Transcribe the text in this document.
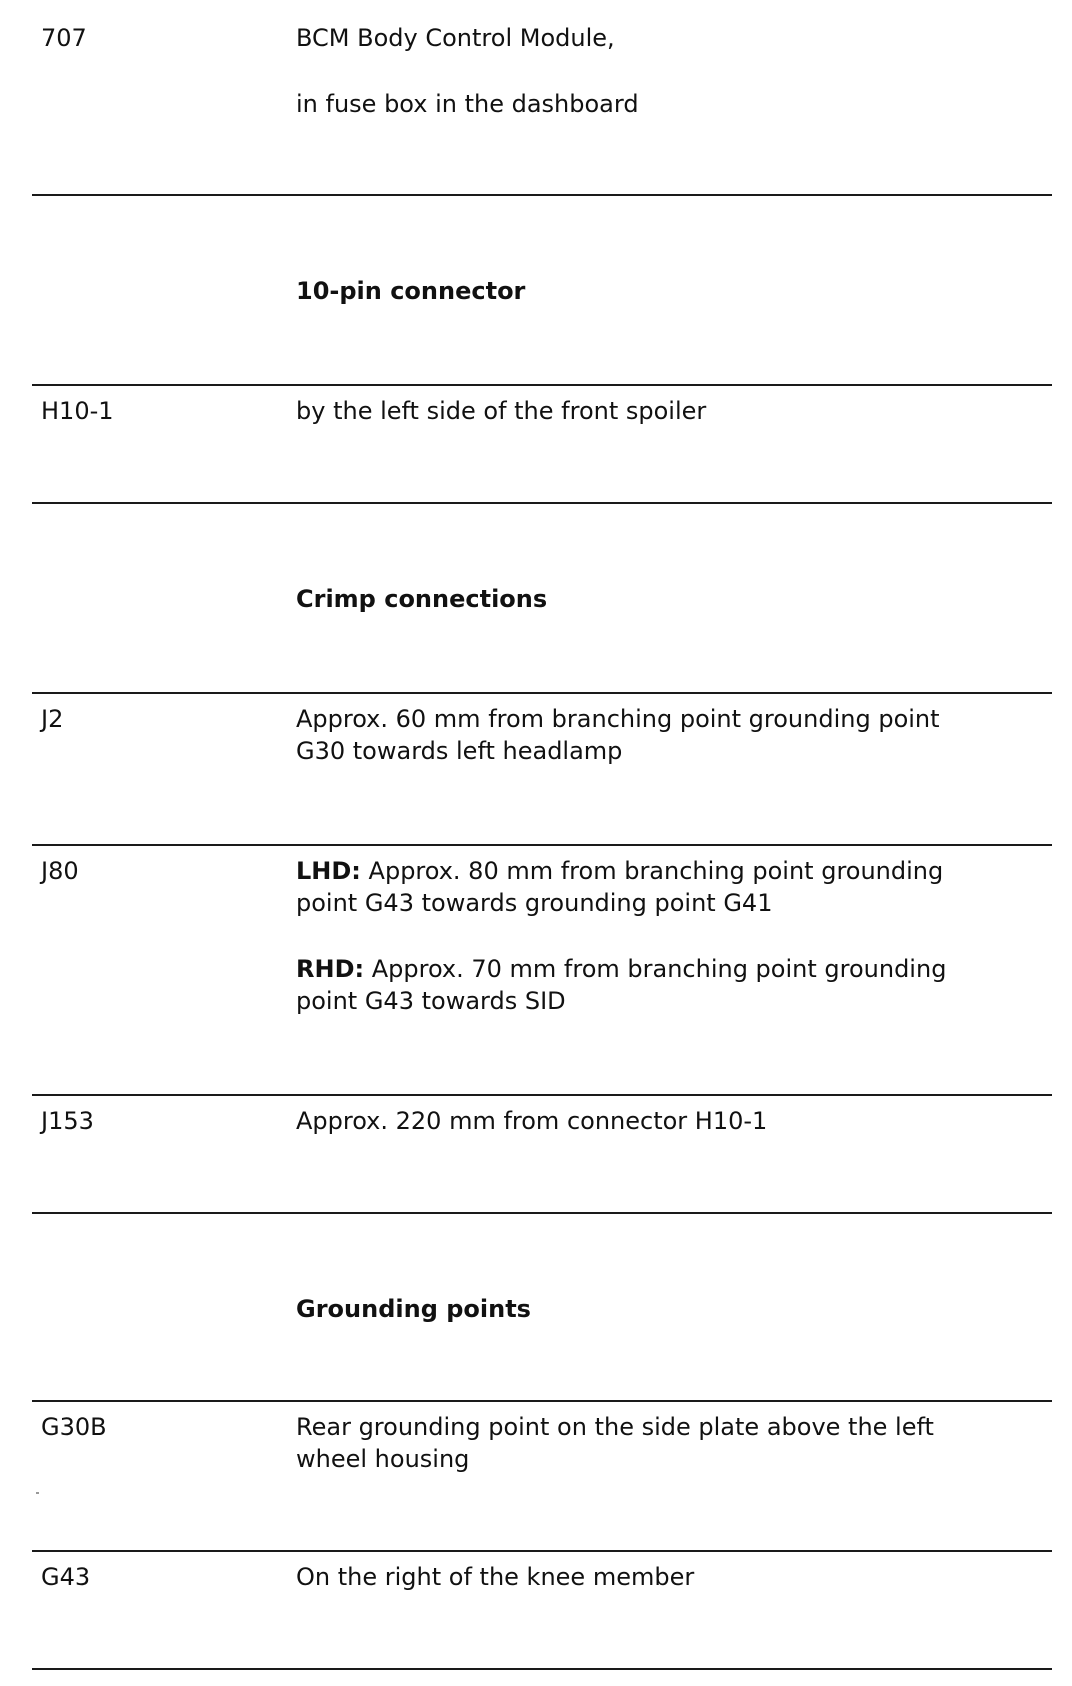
707	BCM Body Control Module,
in fuse box in the dashboard
10-pin connector
H10-1	by the left side of the front spoiler
Crimp connections
J2	Approx. 60 mm from branching point grounding point
G30 towards left headlamp
J80	LHD: Approx. 80 mm from branching point grounding
point G43 towards grounding point G41
RHD: Approx. 70 mm from branching point grounding
point G43 towards SID
J153	Approx. 220 mm from connector H10-1
Grounding points
G30B	Rear grounding point on the side plate above the left
wheel housing
G43	On the right of the knee member
